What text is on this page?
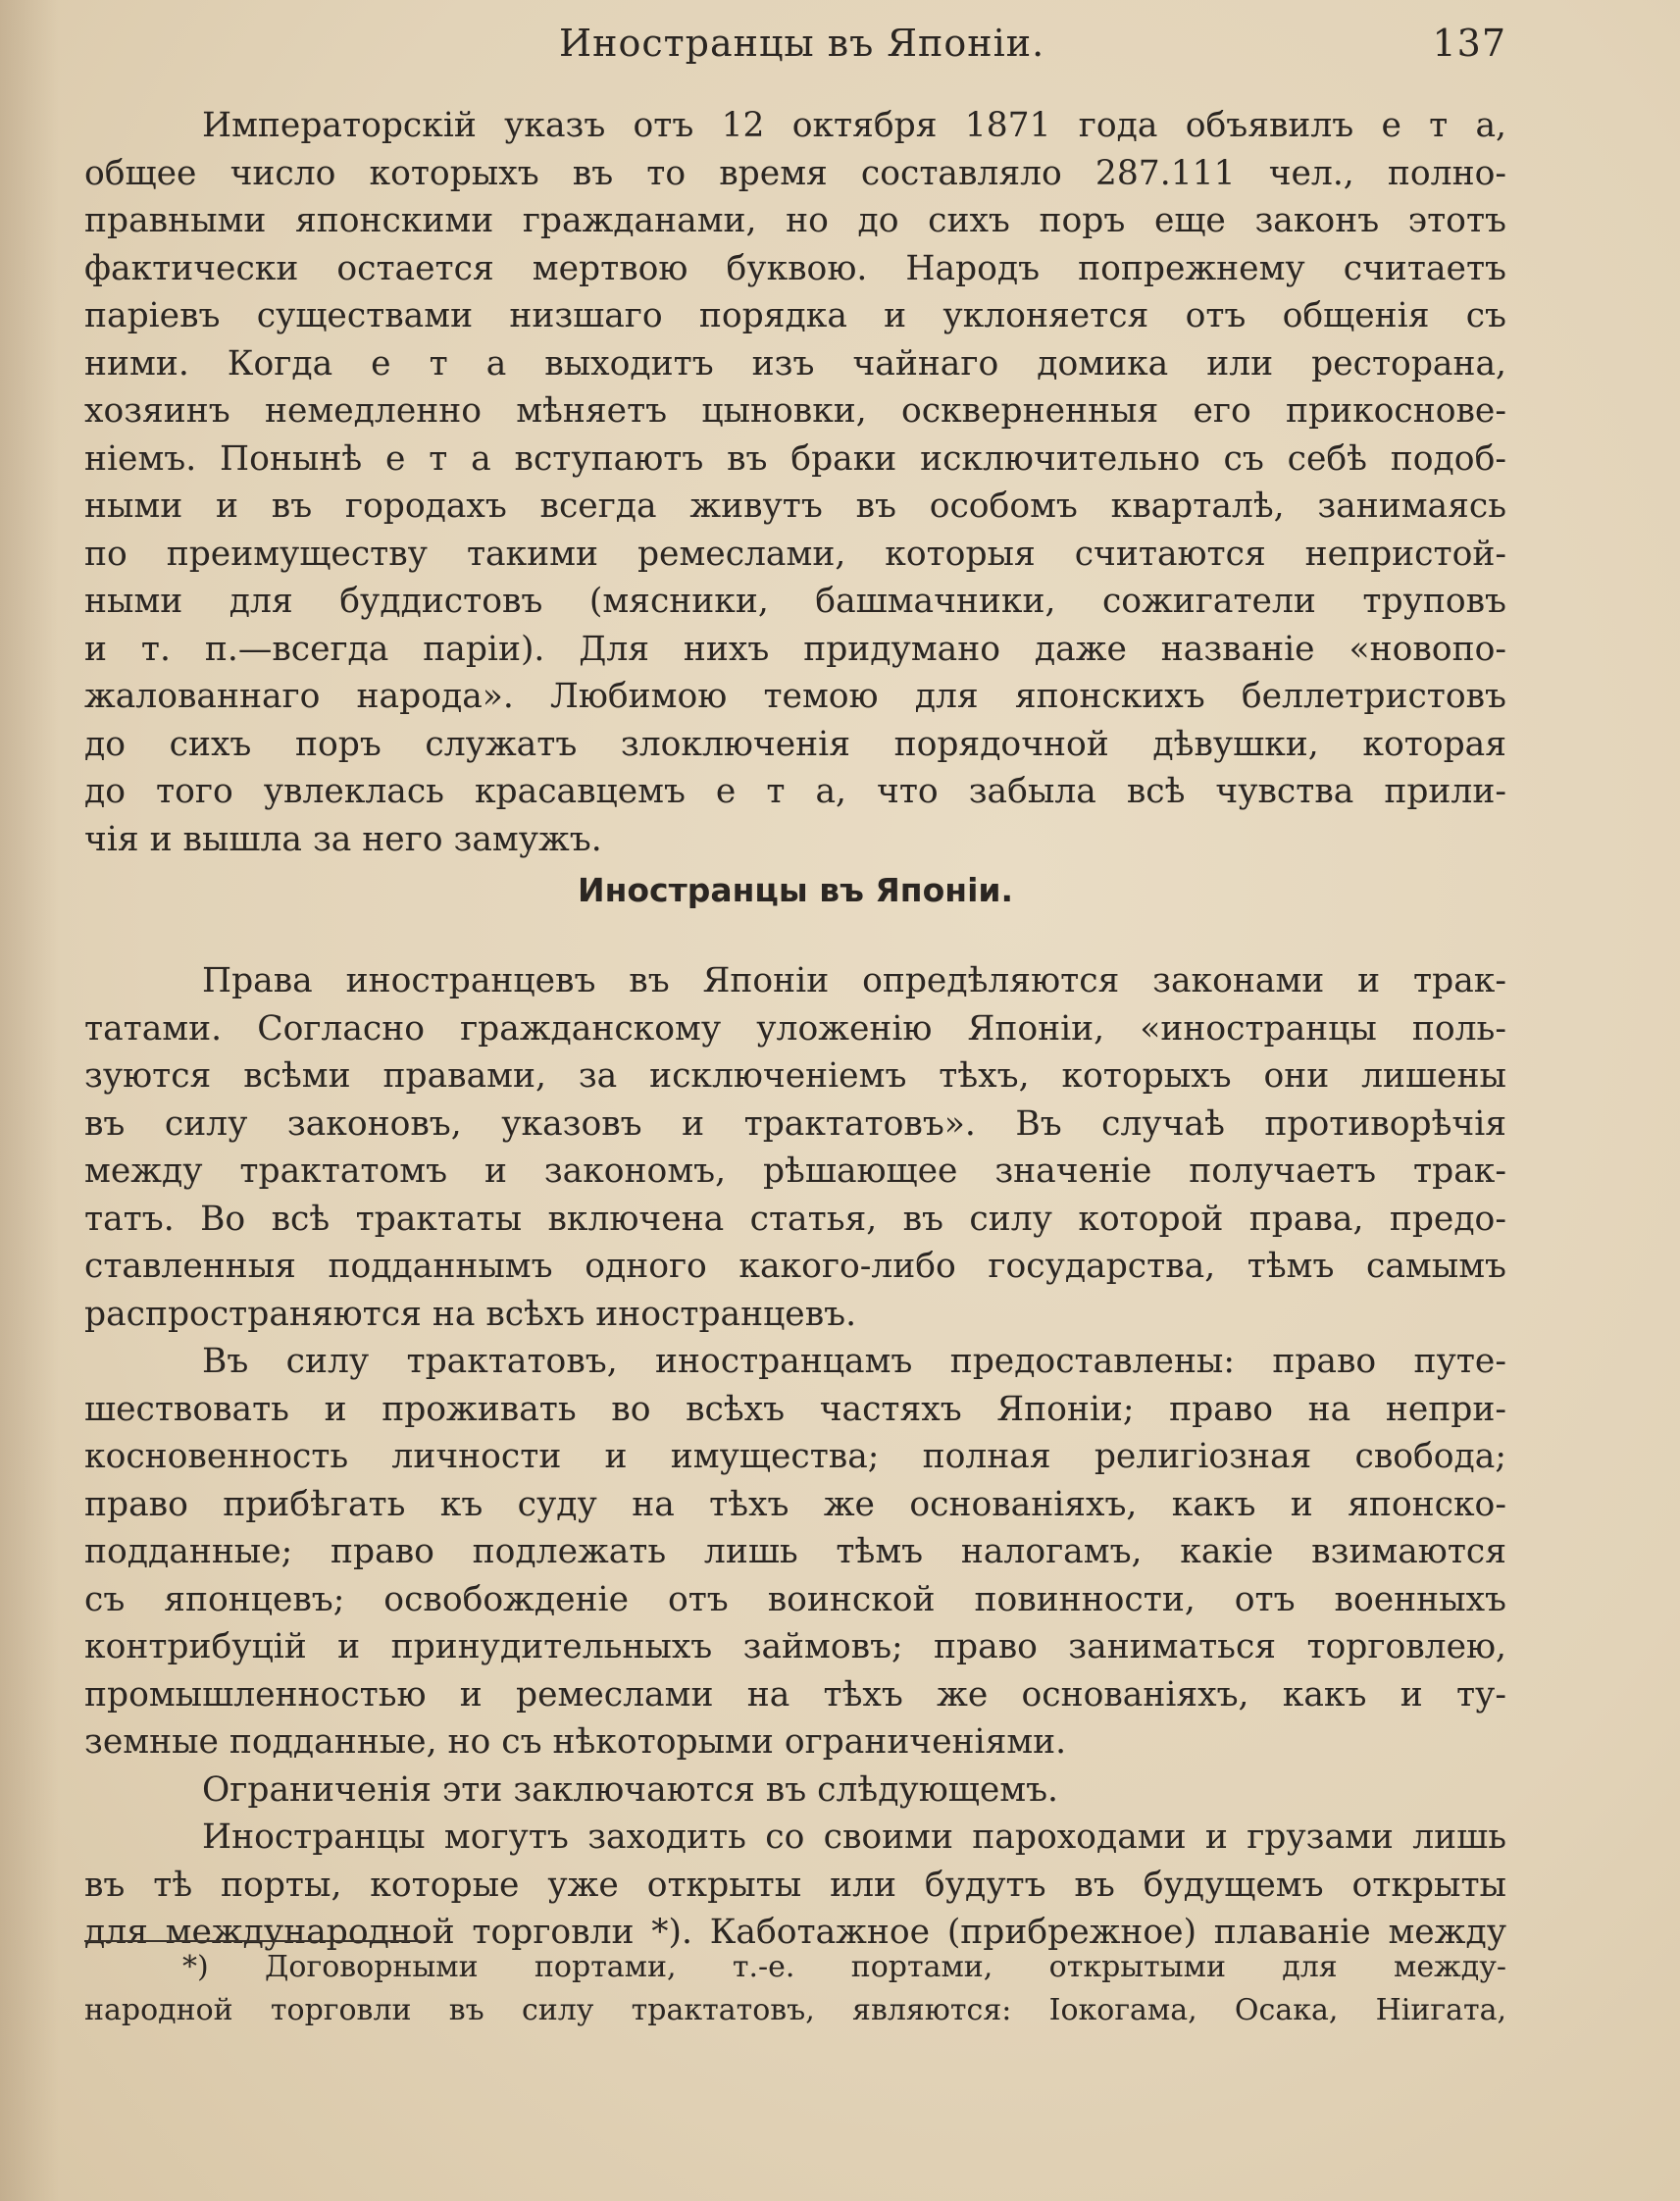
Иностранцы въ Японіи.	137
Императорскій указъ отъ 12 октября 1871 года объявилъ е т а,
общее число которыхъ въ то время составляло 287.111 чел., полно-
правными японскими гражданами, но до сихъ поръ еще законъ этотъ
фактически остается мертвою буквою. Народъ попрежнему считаетъ
паріевъ существами низшаго порядка и уклоняется отъ общенія съ
ними. Когда е т а выходитъ изъ чайнаго домика или ресторана,
хозяинъ немедленно мѣняетъ цыновки, оскверненныя его прикоснове-
ніемъ. Понынѣ е т а вступаютъ въ браки исключительно съ себѣ подоб-
ными и въ городахъ всегда живутъ въ особомъ кварталѣ, занимаясь
по преимуществу такими ремеслами, которыя считаются непристой-
ными для буддистовъ (мясники, башмачники, сожигатели труповъ
и т. п.—всегда паріи). Для нихъ придумано даже названіе «новопо-
жалованнаго народа». Любимою темою для японскихъ беллетристовъ
до сихъ поръ служатъ злоключенія порядочной дѣвушки, которая
до того увлеклась красавцемъ е т а, что забыла всѣ чувства прили-
чія и вышла за него замужъ.
Иностранцы въ Японіи.
Права иностранцевъ въ Японіи опредѣляются законами и трак-
татами. Согласно гражданскому уложенію Японіи, «иностранцы поль-
зуются всѣми правами, за исключеніемъ тѣхъ, которыхъ они лишены
въ силу законовъ, указовъ и трактатовъ». Въ случаѣ противорѣчія
между трактатомъ и закономъ, рѣшающее значеніе получаетъ трак-
татъ. Во всѣ трактаты включена статья, въ силу которой права, предо-
ставленныя подданнымъ одного какого-либо государства, тѣмъ самымъ
распространяются на всѣхъ иностранцевъ.
Въ силу трактатовъ, иностранцамъ предоставлены: право путе-
шествовать и проживать во всѣхъ частяхъ Японіи; право на непри-
косновенность личности и имущества; полная религіозная свобода;
право прибѣгать къ суду на тѣхъ же основаніяхъ, какъ и японско-
подданные; право подлежать лишь тѣмъ налогамъ, какіе взимаются
съ японцевъ; освобожденіе отъ воинской повинности, отъ военныхъ
контрибуцій и принудительныхъ займовъ; право заниматься торговлею,
промышленностью и ремеслами на тѣхъ же основаніяхъ, какъ и ту-
земные подданные, но съ нѣкоторыми ограниченіями.
Ограниченія эти заключаются въ слѣдующемъ.
Иностранцы могутъ заходить со своими пароходами и грузами лишь
въ тѣ порты, которые уже открыты или будутъ въ будущемъ открыты
для международной торговли *). Каботажное (прибрежное) плаваніе между
*) Договорными портами, т.-е. портами, открытыми для между-
народной торговли въ силу трактатовъ, являются: Іокогама, Осака, Ніигата,
